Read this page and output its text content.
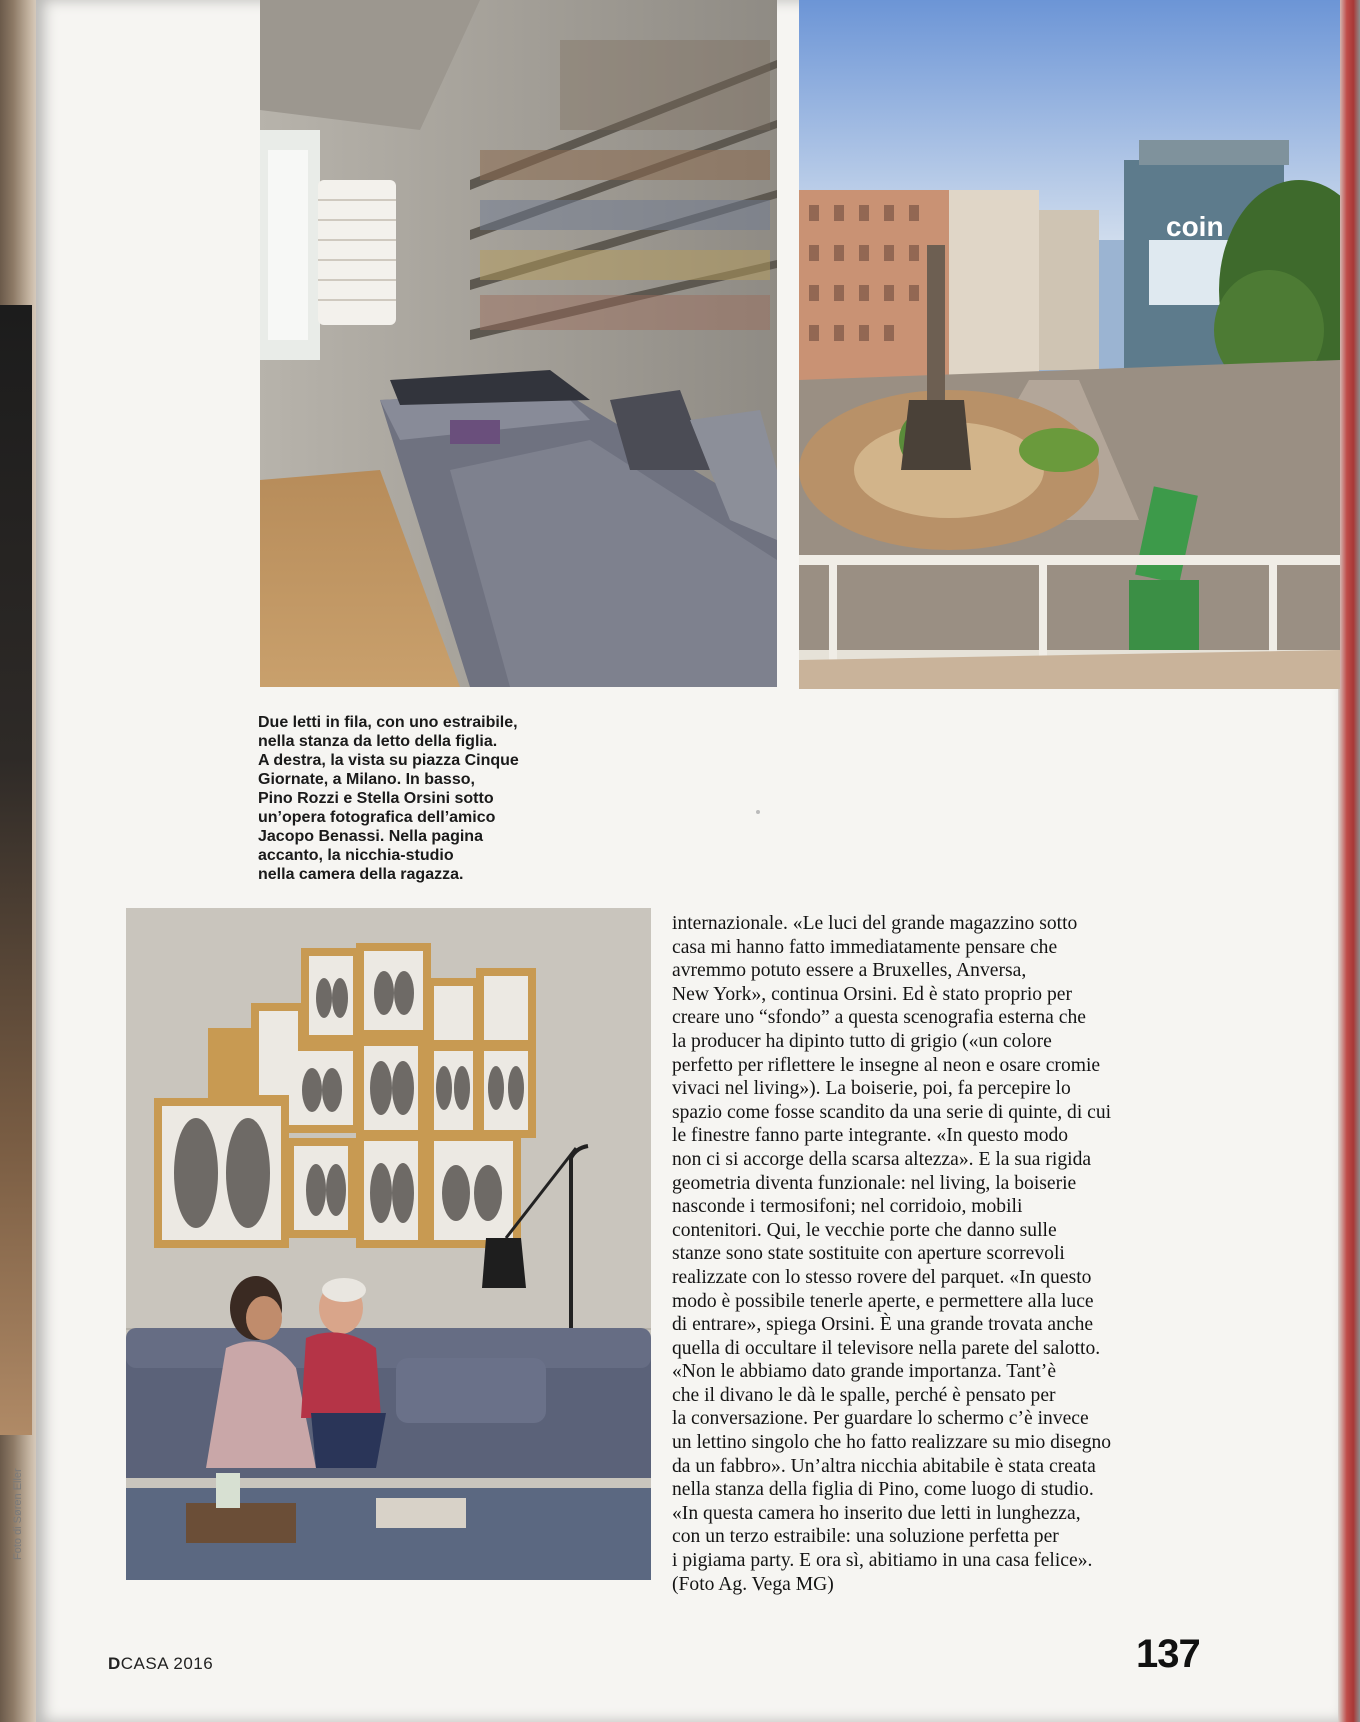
coin
Due letti in fila, con uno estraibile,
nella stanza da letto della figlia.
A destra, la vista su piazza Cinque
Giornate, a Milano. In basso,
Pino Rozzi e Stella Orsini sotto
un’opera fotografica dell’amico
Jacopo Benassi. Nella pagina
accanto, la nicchia-studio
nella camera della ragazza.
internazionale. «Le luci del grande magazzino sotto
casa mi hanno fatto immediatamente pensare che
avremmo potuto essere a Bruxelles, Anversa,
New York», continua Orsini. Ed è stato proprio per
creare uno “sfondo” a questa scenografia esterna che
la producer ha dipinto tutto di grigio («un colore
perfetto per riflettere le insegne al neon e osare cromie
vivaci nel living»). La boiserie, poi, fa percepire lo
spazio come fosse scandito da una serie di quinte, di cui
le finestre fanno parte integrante. «In questo modo
non ci si accorge della scarsa altezza». E la sua rigida
geometria diventa funzionale: nel living, la boiserie
nasconde i termosifoni; nel corridoio, mobili
contenitori. Qui, le vecchie porte che danno sulle
stanze sono state sostituite con aperture scorrevoli
realizzate con lo stesso rovere del parquet. «In questo
modo è possibile tenerle aperte, e permettere alla luce
di entrare», spiega Orsini. È una grande trovata anche
quella di occultare il televisore nella parete del salotto.
«Non le abbiamo dato grande importanza. Tant’è
che il divano le dà le spalle, perché è pensato per
la conversazione. Per guardare lo schermo c’è invece
un lettino singolo che ho fatto realizzare su mio disegno
da un fabbro». Un’altra nicchia abitabile è stata creata
nella stanza della figlia di Pino, come luogo di studio.
«In questa camera ho inserito due letti in lunghezza,
con un terzo estraibile: una soluzione perfetta per
i pigiama party. E ora sì, abitiamo in una casa felice».
(Foto Ag. Vega MG)
Foto di Søren Eller
DCASA 2016	137
